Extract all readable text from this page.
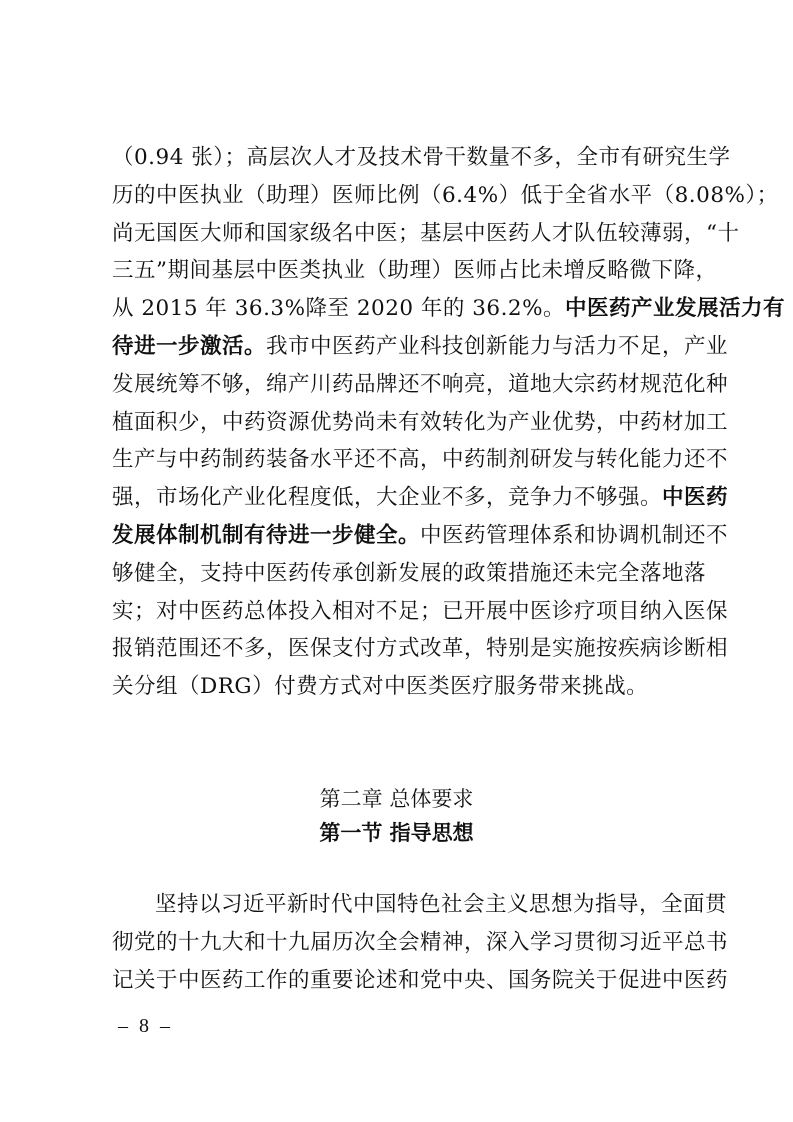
（0.94 张）；高层次人才及技术骨干数量不多，全市有研究生学
历的中医执业（助理）医师比例（6.4%）低于全省水平（8.08%）；
尚无国医大师和国家级名中医；基层中医药人才队伍较薄弱，“十
三五”期间基层中医类执业（助理）医师占比未增反略微下降，
从 2015 年 36.3%降至 2020 年的 36.2%。中医药产业发展活力有
待进一步激活。我市中医药产业科技创新能力与活力不足，产业
发展统筹不够，绵产川药品牌还不响亮，道地大宗药材规范化种
植面积少，中药资源优势尚未有效转化为产业优势，中药材加工
生产与中药制药装备水平还不高，中药制剂研发与转化能力还不
强，市场化产业化程度低，大企业不多，竞争力不够强。中医药
发展体制机制有待进一步健全。中医药管理体系和协调机制还不
够健全，支持中医药传承创新发展的政策措施还未完全落地落
实；对中医药总体投入相对不足；已开展中医诊疗项目纳入医保
报销范围还不多，医保支付方式改革，特别是实施按疾病诊断相
关分组（DRG）付费方式对中医类医疗服务带来挑战。
第二章 总体要求
第一节 指导思想
坚持以习近平新时代中国特色社会主义思想为指导，全面贯
彻党的十九大和十九届历次全会精神，深入学习贯彻习近平总书
记关于中医药工作的重要论述和党中央、国务院关于促进中医药
– 8 –
